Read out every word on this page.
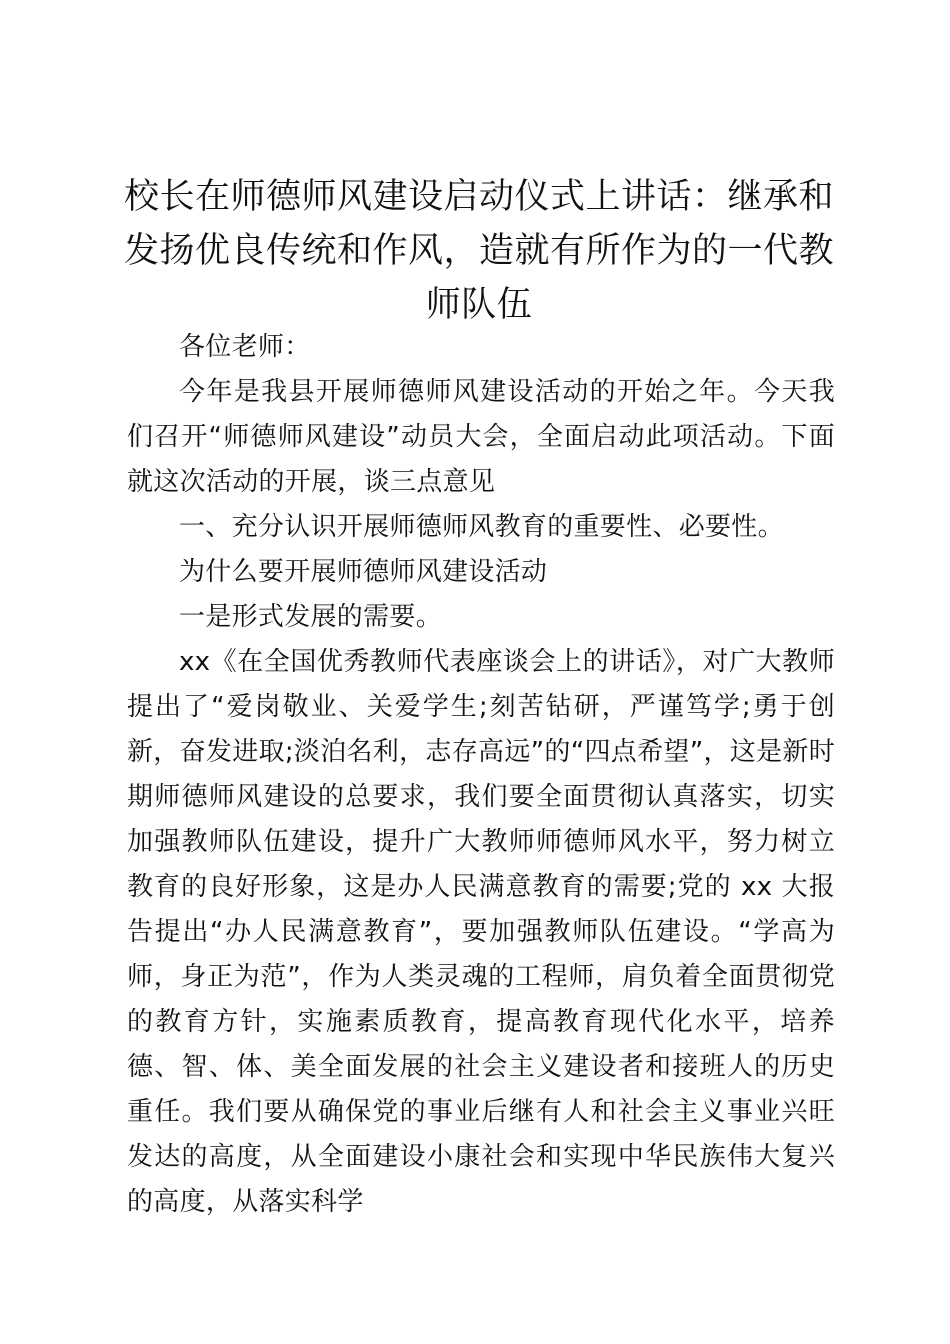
校长在师德师风建设启动仪式上讲话：继承和发扬优良传统和作风，造就有所作为的一代教师队伍

各位老师：

今年是我县开展师德师风建设活动的开始之年。今天我们召开“师德师风建设”动员大会，全面启动此项活动。下面就这次活动的开展，谈三点意见

一、充分认识开展师德师风教育的重要性、必要性。

为什么要开展师德师风建设活动

一是形式发展的需要。

xx《在全国优秀教师代表座谈会上的讲话》，对广大教师提出了“爱岗敬业、关爱学生;刻苦钻研，严谨笃学;勇于创新，奋发进取;淡泊名利，志存高远”的“四点希望”，这是新时期师德师风建设的总要求，我们要全面贯彻认真落实，切实加强教师队伍建设，提升广大教师师德师风水平，努力树立教育的良好形象，这是办人民满意教育的需要;党的 xx 大报告提出“办人民满意教育”，要加强教师队伍建设。“学高为师，身正为范”，作为人类灵魂的工程师，肩负着全面贯彻党的教育方针，实施素质教育，提高教育现代化水平，培养德、智、体、美全面发展的社会主义建设者和接班人的历史重任。我们要从确保党的事业后继有人和社会主义事业兴旺发达的高度，从全面建设小康社会和实现中华民族伟大复兴的高度，从落实科学
